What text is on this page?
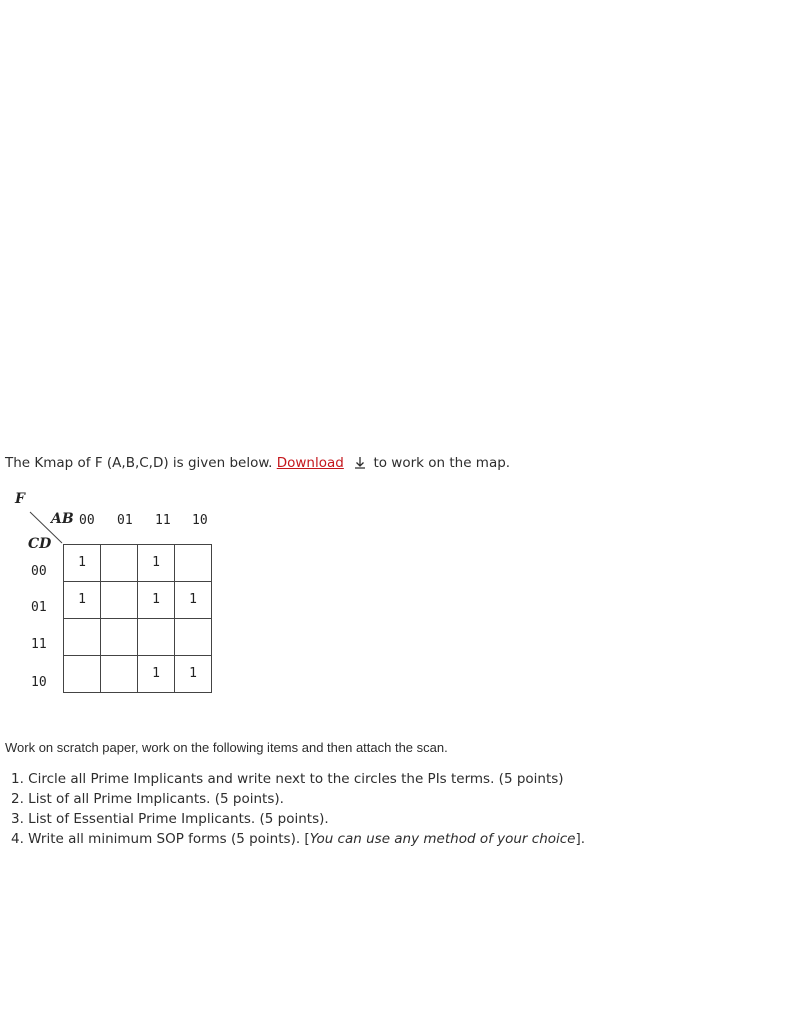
The Kmap of F (A,B,C,D) is given below. Download to work on the map.
F
AB
CD
00 01 11 10
00
01
11
10
1		1	

1		1	1

		1	1
Work on scratch paper, work on the following items and then attach the scan.
1. Circle all Prime Implicants and write next to the circles the PIs terms. (5 points)
2. List of all Prime Implicants. (5 points).
3. List of Essential Prime Implicants. (5 points).
4. Write all minimum SOP forms (5 points). [You can use any method of your choice].
